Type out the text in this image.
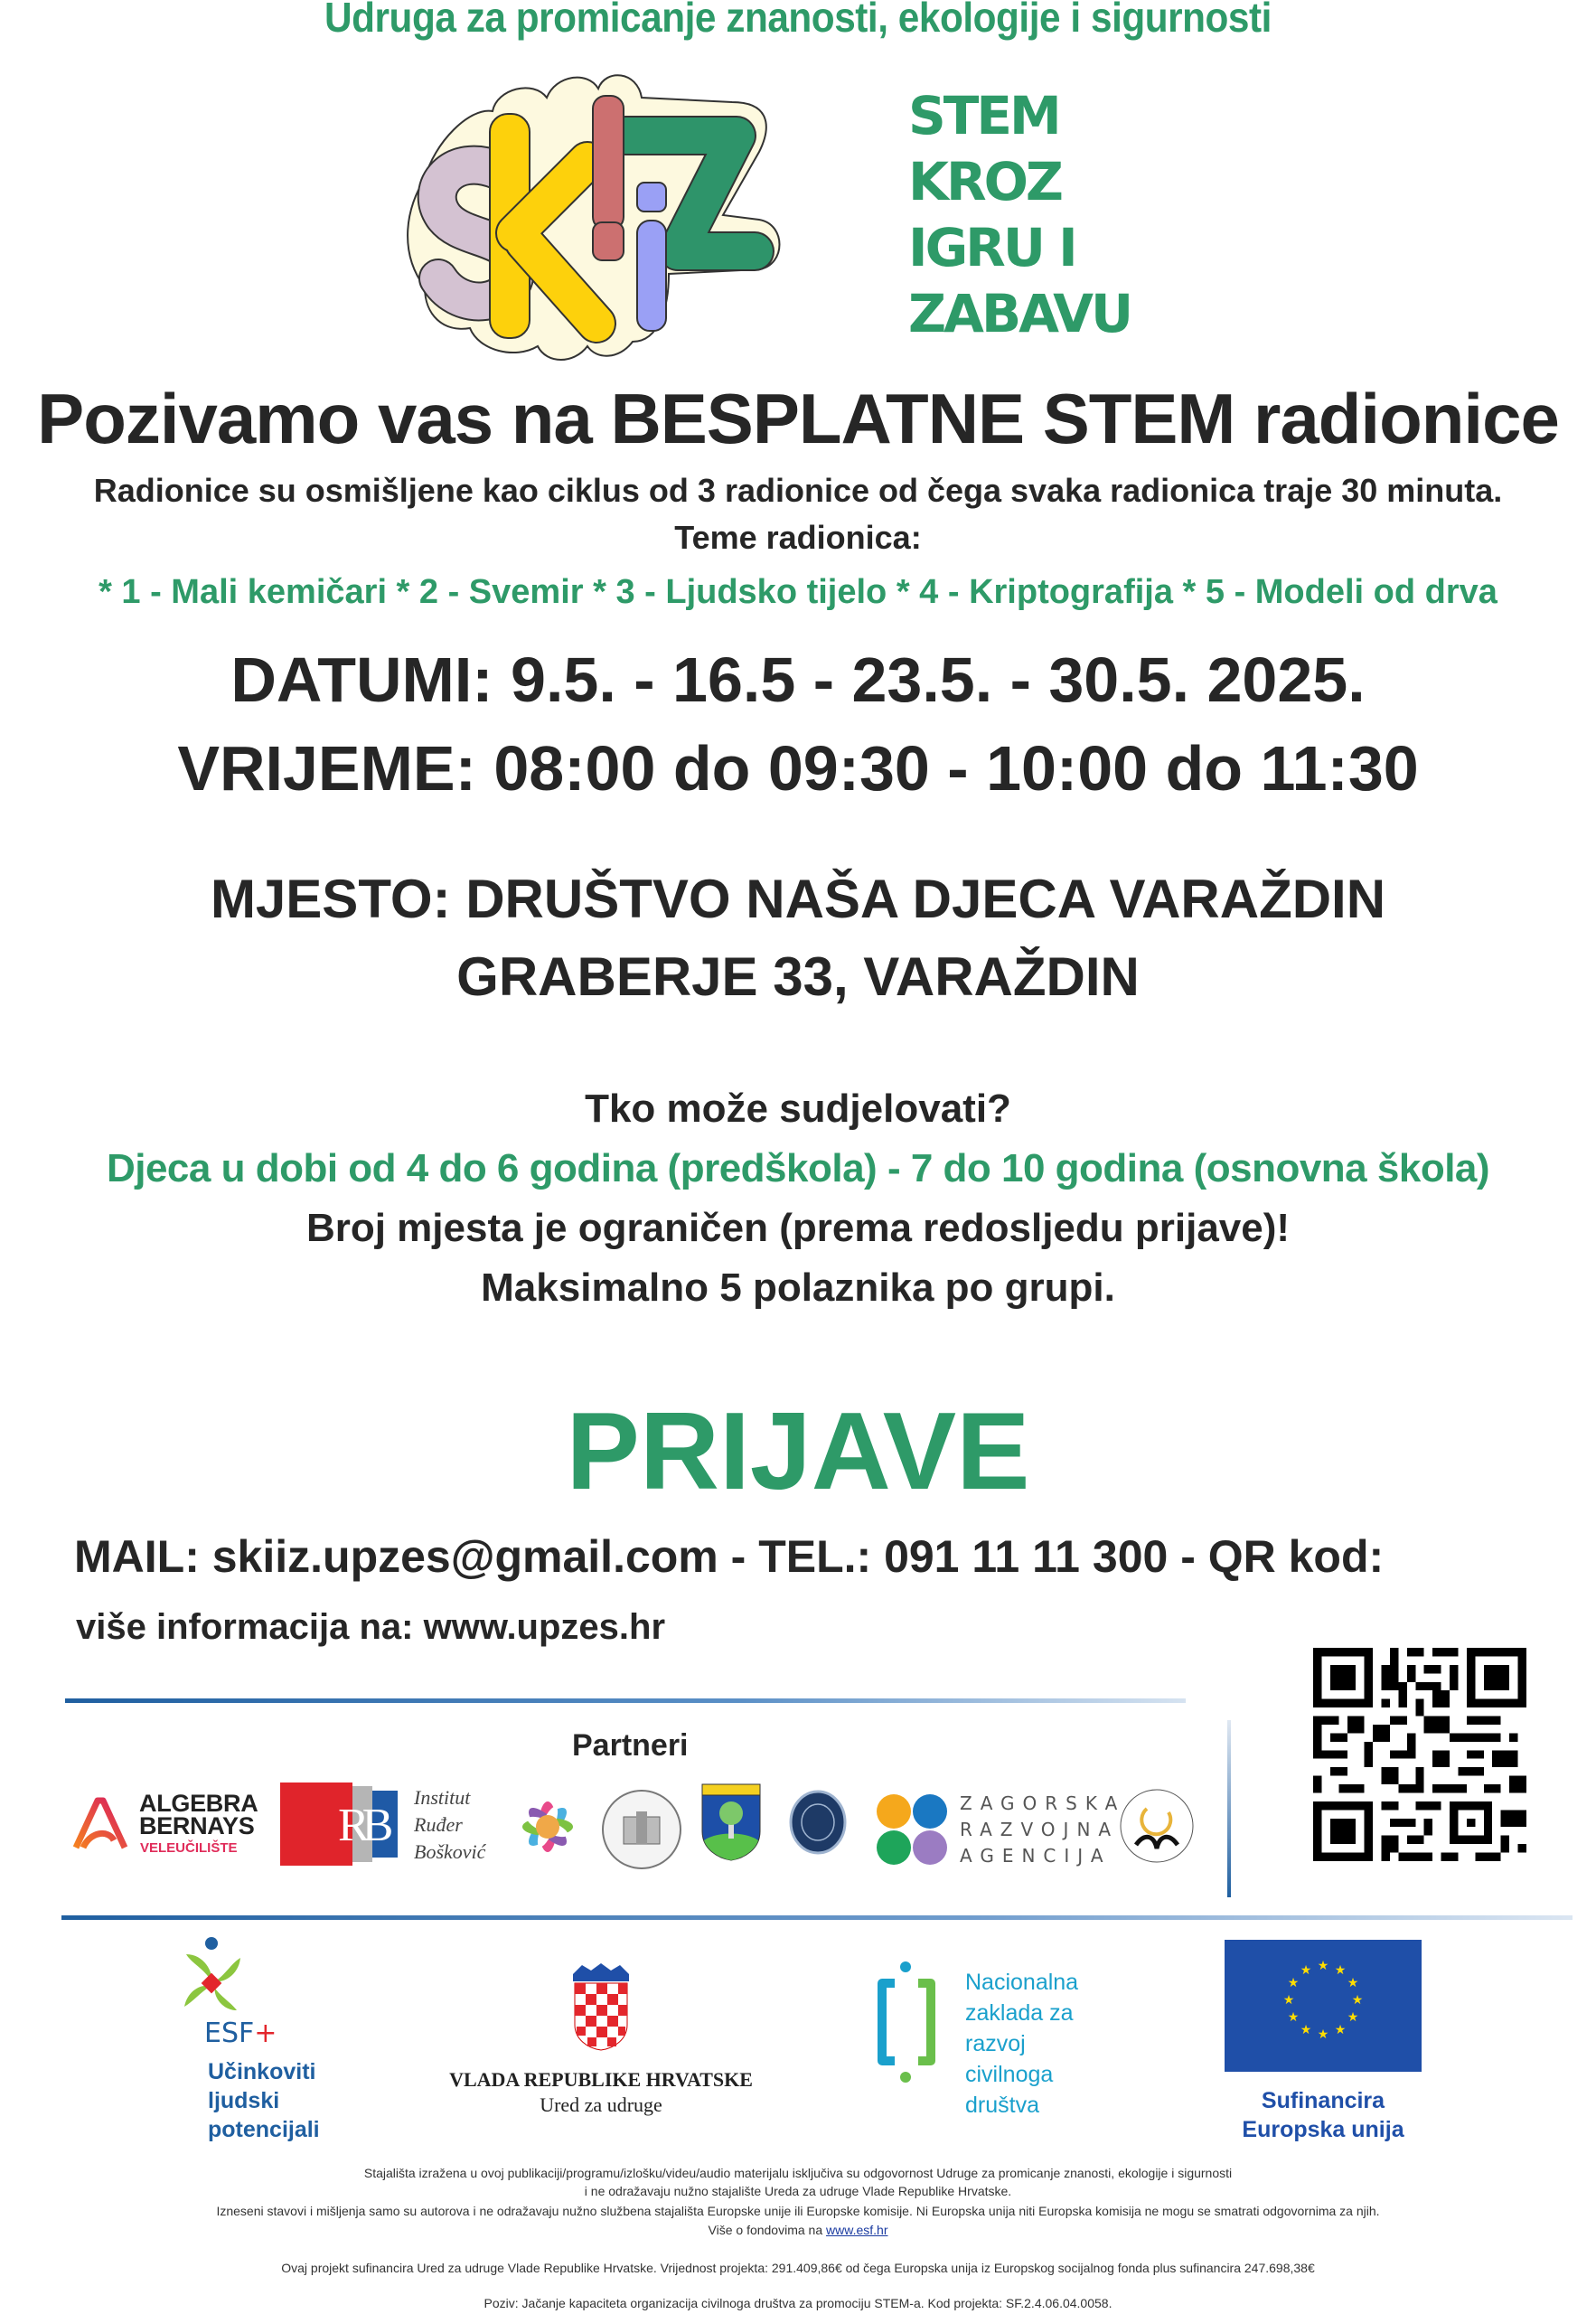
Udruga za promicanje znanosti, ekologije i sigurnosti
STEM
KROZ
IGRU I
ZABAVU
Pozivamo vas na BESPLATNE STEM radionice
Radionice su osmišljene kao ciklus od 3 radionice od čega svaka radionica traje 30 minuta.
Teme radionica:
* 1 - Mali kemičari * 2 - Svemir * 3 - Ljudsko tijelo * 4 - Kriptografija * 5 - Modeli od drva
DATUMI: 9.5. - 16.5 - 23.5. - 30.5. 2025.
VRIJEME: 08:00 do 09:30 - 10:00 do 11:30
MJESTO: DRUŠTVO NAŠA DJECA VARAŽDIN
GRABERJE 33, VARAŽDIN
Tko može sudjelovati?
Djeca u dobi od 4 do 6 godina (predškola) - 7 do 10 godina (osnovna škola)
Broj mjesta je ograničen (prema redosljedu prijave)!
Maksimalno 5 polaznika po grupi.
PRIJAVE
MAIL: skiiz.upzes@gmail.com - TEL.: 091 11 11 300 - QR kod:
više informacija na: www.upzes.hr
Partneri
ALGEBRA
BERNAYS
VELEUČILIŠTE RB
Institut
Ruđer
Bošković
ZAGORSKA
RAZVOJNA
AGENCIJA
ESF+
Učinkoviti
ljudski
potencijali
VLADA REPUBLIKE HRVATSKE
Ured za udruge
Nacionalna
zaklada za
razvoj
civilnoga
društva
★ ★
★
★
★
★
★
★
★
★
★
★
Sufinancira
Europska unija
Stajališta izražena u ovoj publikaciji/programu/izlošku/videu/audio materijalu isključiva su odgovornost Udruge za promicanje znanosti, ekologije i sigurnosti
i ne odražavaju nužno stajalište Ureda za udruge Vlade Republike Hrvatske.
Izneseni stavovi i mišljenja samo su autorova i ne odražavaju nužno službena stajališta Europske unije ili Europske komisije. Ni Europska unija niti Europska komisija ne mogu se smatrati odgovornima za njih.
Više o fondovima na www.esf.hr
Ovaj projekt sufinancira Ured za udruge Vlade Republike Hrvatske. Vrijednost projekta: 291.409,86€ od čega Europska unija iz Europskog socijalnog fonda plus sufinancira 247.698,38€
Poziv: Jačanje kapaciteta organizacija civilnoga društva za promociju STEM-a. Kod projekta: SF.2.4.06.04.0058.
